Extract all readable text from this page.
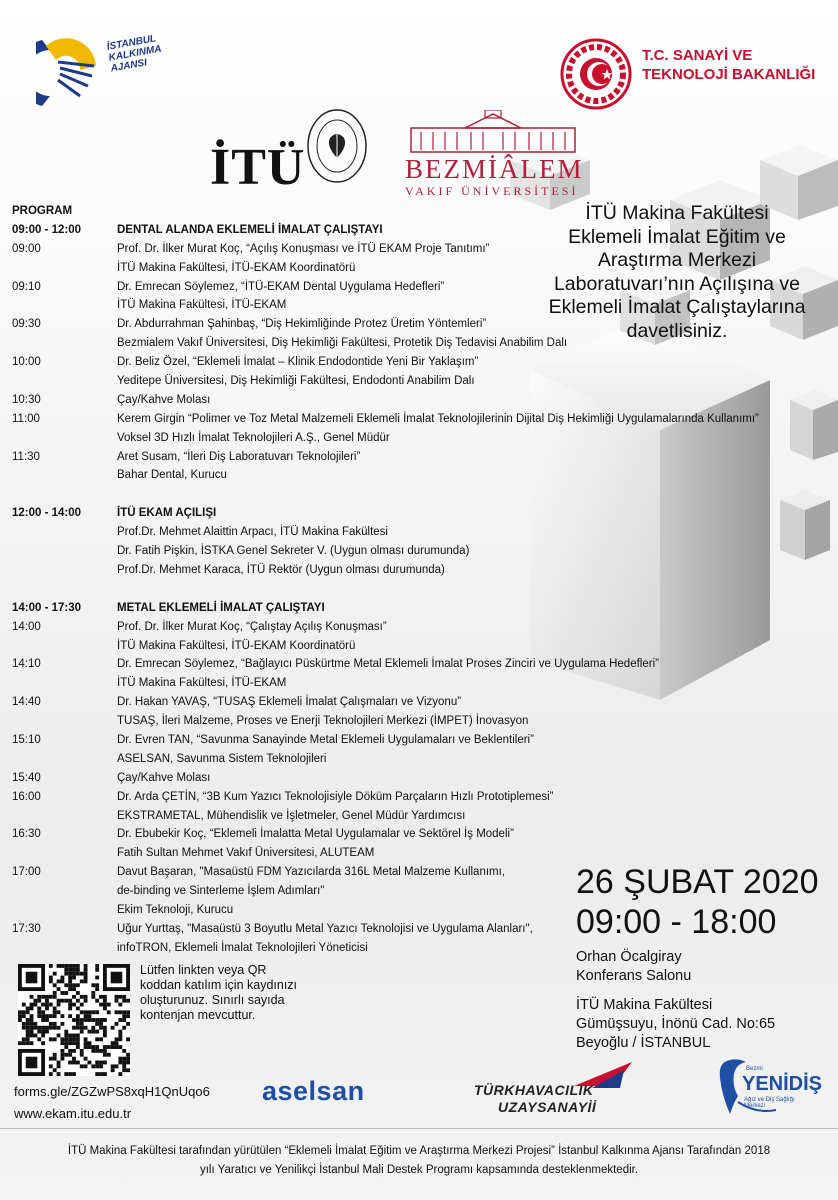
İSTANBUL KALKINMA AJANSI
T.C. SANAYİ VE
TEKNOLOJİ BAKANLIĞI
İTÜ	BEZMİÂLEM
VAKIF ÜNİVERSİTESİ
İTÜ Makina Fakültesi
Eklemeli İmalat Eğitim ve
Araştırma Merkezi
Laboratuvarı’nın Açılışına ve
Eklemeli İmalat Çalıştaylarına
davetlisiniz.
PROGRAM
09:00 - 12:00	DENTAL ALANDA EKLEMELİ İMALAT ÇALIŞTAYI
09:00	Prof. Dr. İlker Murat Koç, “Açılış Konuşması ve İTÜ EKAM Proje Tanıtımı”
İTÜ Makina Fakültesi, İTÜ-EKAM Koordinatörü
09:10	Dr. Emrecan Söylemez, “İTÜ-EKAM Dental Uygulama Hedefleri”
İTÜ Makina Fakültesi, İTÜ-EKAM
09:30	Dr. Abdurrahman Şahinbaş, “Diş Hekimliğinde Protez Üretim Yöntemleri”
Bezmialem Vakıf Üniversitesi, Diş Hekimliği Fakültesi, Protetik Diş Tedavisi Anabilim Dalı
10:00	Dr. Beliz Özel, “Eklemeli İmalat – Klinik Endodontide Yeni Bir Yaklaşım”
Yeditepe Üniversitesi, Diş Hekimliği Fakültesi, Endodonti Anabilim Dalı
10:30	Çay/Kahve Molası
11:00	Kerem Girgin “Polimer ve Toz Metal Malzemeli Eklemeli İmalat Teknolojilerinin Dijital Diş Hekimliği Uygulamalarında Kullanımı”
Voksel 3D Hızlı İmalat Teknolojileri A.Ş., Genel Müdür
11:30	Aret Susam, “İleri Diş Laboratuvarı Teknolojileri”
Bahar Dental, Kurucu
12:00 - 14:00	İTÜ EKAM AÇILIŞI
Prof.Dr. Mehmet Alaittin Arpacı, İTÜ Makina Fakültesi
Dr. Fatih Pişkin, İSTKA Genel Sekreter V. (Uygun olması durumunda)
Prof.Dr. Mehmet Karaca, İTÜ Rektör (Uygun olması durumunda)
14:00 - 17:30	METAL EKLEMELİ İMALAT ÇALIŞTAYI
14:00	Prof. Dr. İlker Murat Koç, “Çalıştay Açılış Konuşması”
İTÜ Makina Fakültesi, İTÜ-EKAM Koordinatörü
14:10	Dr. Emrecan Söylemez, “Bağlayıcı Püskürtme Metal Eklemeli İmalat Proses Zinciri ve Uygulama Hedefleri”
İTÜ Makina Fakültesi, İTÜ-EKAM
14:40	Dr. Hakan YAVAŞ, “TUSAŞ Eklemeli İmalat Çalışmaları ve Vizyonu”
TUSAŞ, İleri Malzeme, Proses ve Enerji Teknolojileri Merkezi (İMPET) İnovasyon
15:10	Dr. Evren TAN, “Savunma Sanayinde Metal Eklemeli Uygulamaları ve Beklentileri”
ASELSAN, Savunma Sistem Teknolojileri
15:40	Çay/Kahve Molası
16:00	Dr. Arda ÇETİN, “3B Kum Yazıcı Teknolojisiyle Döküm Parçaların Hızlı Prototiplemesi”
EKSTRAMETAL, Mühendislik ve İşletmeler, Genel Müdür Yardımcısı
16:30	Dr. Ebubekir Koç, “Eklemeli İmalatta Metal Uygulamalar ve Sektörel İş Modeli”
Fatih Sultan Mehmet Vakıf Üniversitesi, ALUTEAM
17:00	Davut Başaran, "Masaüstü FDM Yazıcılarda 316L Metal Malzeme Kullanımı,
de-binding ve Sinterleme İşlem Adımları"
Ekim Teknoloji, Kurucu
17:30	Uğur Yurttaş, "Masaüstü 3 Boyutlu Metal Yazıcı Teknolojisi ve Uygulama Alanları",
infoTRON, Eklemeli İmalat Teknolojileri Yöneticisi
26 ŞUBAT 2020
09:00 - 18:00
Orhan Öcalgiray
Konferans Salonu
İTÜ Makina Fakültesi
Gümüşsuyu, İnönü Cad. No:65
Beyoğlu / İSTANBUL
Lütfen linkten veya QR koddan katılım için kaydınızı oluşturunuz. Sınırlı sayıda kontenjan mevcuttur.
forms.gle/ZGZwPS8xqH1QnUqo6
www.ekam.itu.edu.tr
aselsan	TÜRKHAVACILIK
UZAYSANAYİİ
Bezmi
YENİDİŞ
Ağız ve Diş Sağlığı Merkezi
İTÜ Makina Fakültesi tarafından yürütülen “Eklemeli İmalat Eğitim ve Araştırma Merkezi Projesi” İstanbul Kalkınma Ajansı Tarafından 2018
yılı Yaratıcı ve Yenilikçi İstanbul Mali Destek Programı kapsamında desteklenmektedir.
